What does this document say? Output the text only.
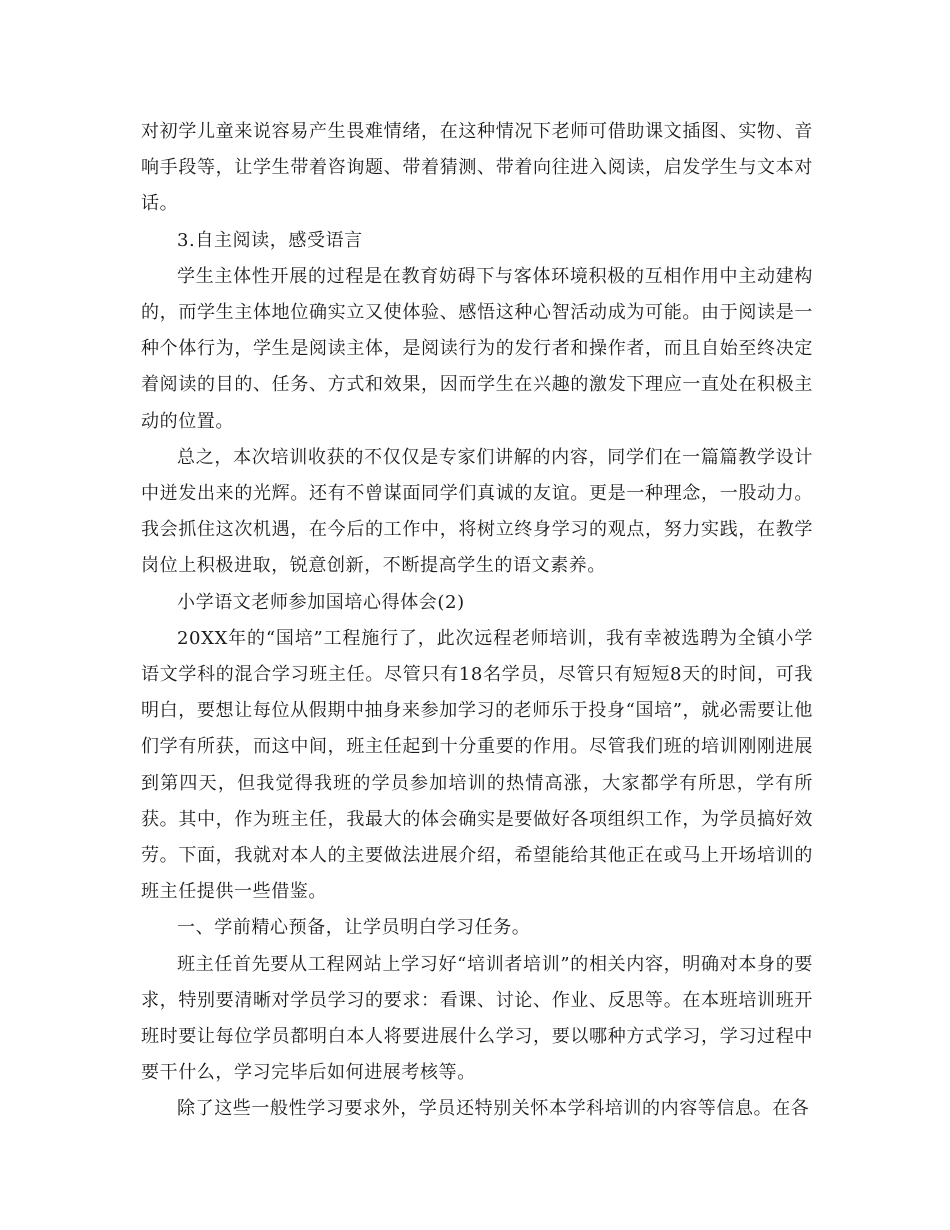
对初学儿童来说容易产生畏难情绪，在这种情况下老师可借助课文插图、实物、音响手段等，让学生带着咨询题、带着猜测、带着向往进入阅读，启发学生与文本对话。

3.自主阅读，感受语言

学生主体性开展的过程是在教育妨碍下与客体环境积极的互相作用中主动建构的，而学生主体地位确实立又使体验、感悟这种心智活动成为可能。由于阅读是一种个体行为，学生是阅读主体，是阅读行为的发行者和操作者，而且自始至终决定着阅读的目的、任务、方式和效果，因而学生在兴趣的激发下理应一直处在积极主动的位置。

总之，本次培训收获的不仅仅是专家们讲解的内容，同学们在一篇篇教学设计中迸发出来的光辉。还有不曾谋面同学们真诚的友谊。更是一种理念，一股动力。我会抓住这次机遇，在今后的工作中，将树立终身学习的观点，努力实践，在教学岗位上积极进取，锐意创新，不断提高学生的语文素养。

小学语文老师参加国培心得体会(2)

20XX年的“国培”工程施行了，此次远程老师培训，我有幸被选聘为全镇小学语文学科的混合学习班主任。尽管只有18名学员，尽管只有短短8天的时间，可我明白，要想让每位从假期中抽身来参加学习的老师乐于投身“国培”，就必需要让他们学有所获，而这中间，班主任起到十分重要的作用。尽管我们班的培训刚刚进展到第四天，但我觉得我班的学员参加培训的热情高涨，大家都学有所思，学有所获。其中，作为班主任，我最大的体会确实是要做好各项组织工作，为学员搞好效劳。下面，我就对本人的主要做法进展介绍，希望能给其他正在或马上开场培训的班主任提供一些借鉴。

一、学前精心预备，让学员明白学习任务。

班主任首先要从工程网站上学习好“培训者培训”的相关内容，明确对本身的要求，特别要清晰对学员学习的要求：看课、讨论、作业、反思等。在本班培训班开班时要让每位学员都明白本人将要进展什么学习，要以哪种方式学习，学习过程中要干什么，学习完毕后如何进展考核等。

除了这些一般性学习要求外，学员还特别关怀本学科培训的内容等信息。在各
